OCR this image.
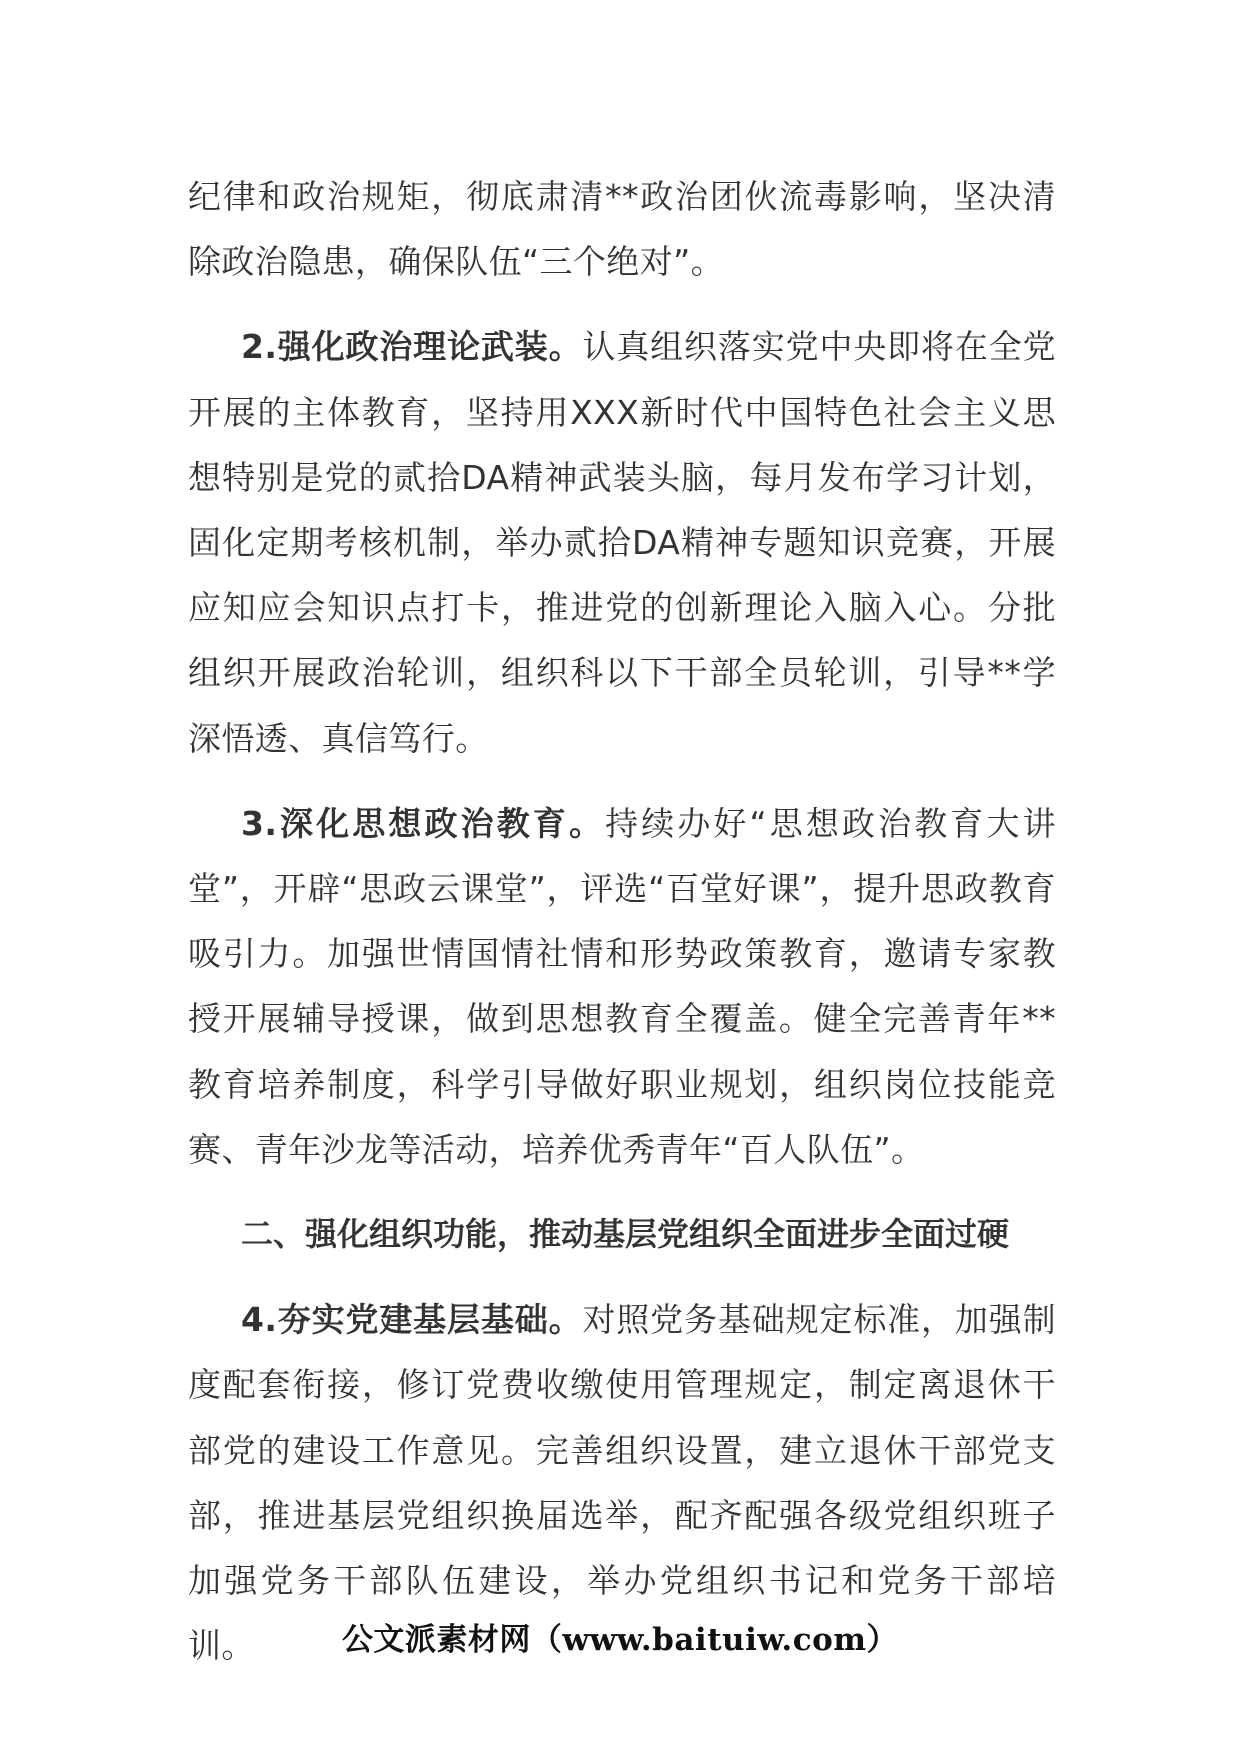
纪律和政治规矩，彻底肃清**政治团伙流毒影响，坚决清除政治隐患，确保队伍“三个绝对”。

2.强化政治理论武装。认真组织落实党中央即将在全党开展的主体教育，坚持用XXX新时代中国特色社会主义思想特别是党的贰拾DA精神武装头脑，每月发布学习计划，固化定期考核机制，举办贰拾DA精神专题知识竞赛，开展应知应会知识点打卡，推进党的创新理论入脑入心。分批组织开展政治轮训，组织科以下干部全员轮训，引导**学深悟透、真信笃行。

3.深化思想政治教育。持续办好“思想政治教育大讲堂”，开辟“思政云课堂”，评选“百堂好课”，提升思政教育吸引力。加强世情国情社情和形势政策教育，邀请专家教授开展辅导授课，做到思想教育全覆盖。健全完善青年**教育培养制度，科学引导做好职业规划，组织岗位技能竞赛、青年沙龙等活动，培养优秀青年“百人队伍”。

二、强化组织功能，推动基层党组织全面进步全面过硬

4.夯实党建基层基础。对照党务基础规定标准，加强制度配套衔接，修订党费收缴使用管理规定，制定离退休干部党的建设工作意见。完善组织设置，建立退休干部党支部，推进基层党组织换届选举，配齐配强各级党组织班子加强党务干部队伍建设，举办党组织书记和党务干部培训。	公文派素材网（www.baituiw.com）
